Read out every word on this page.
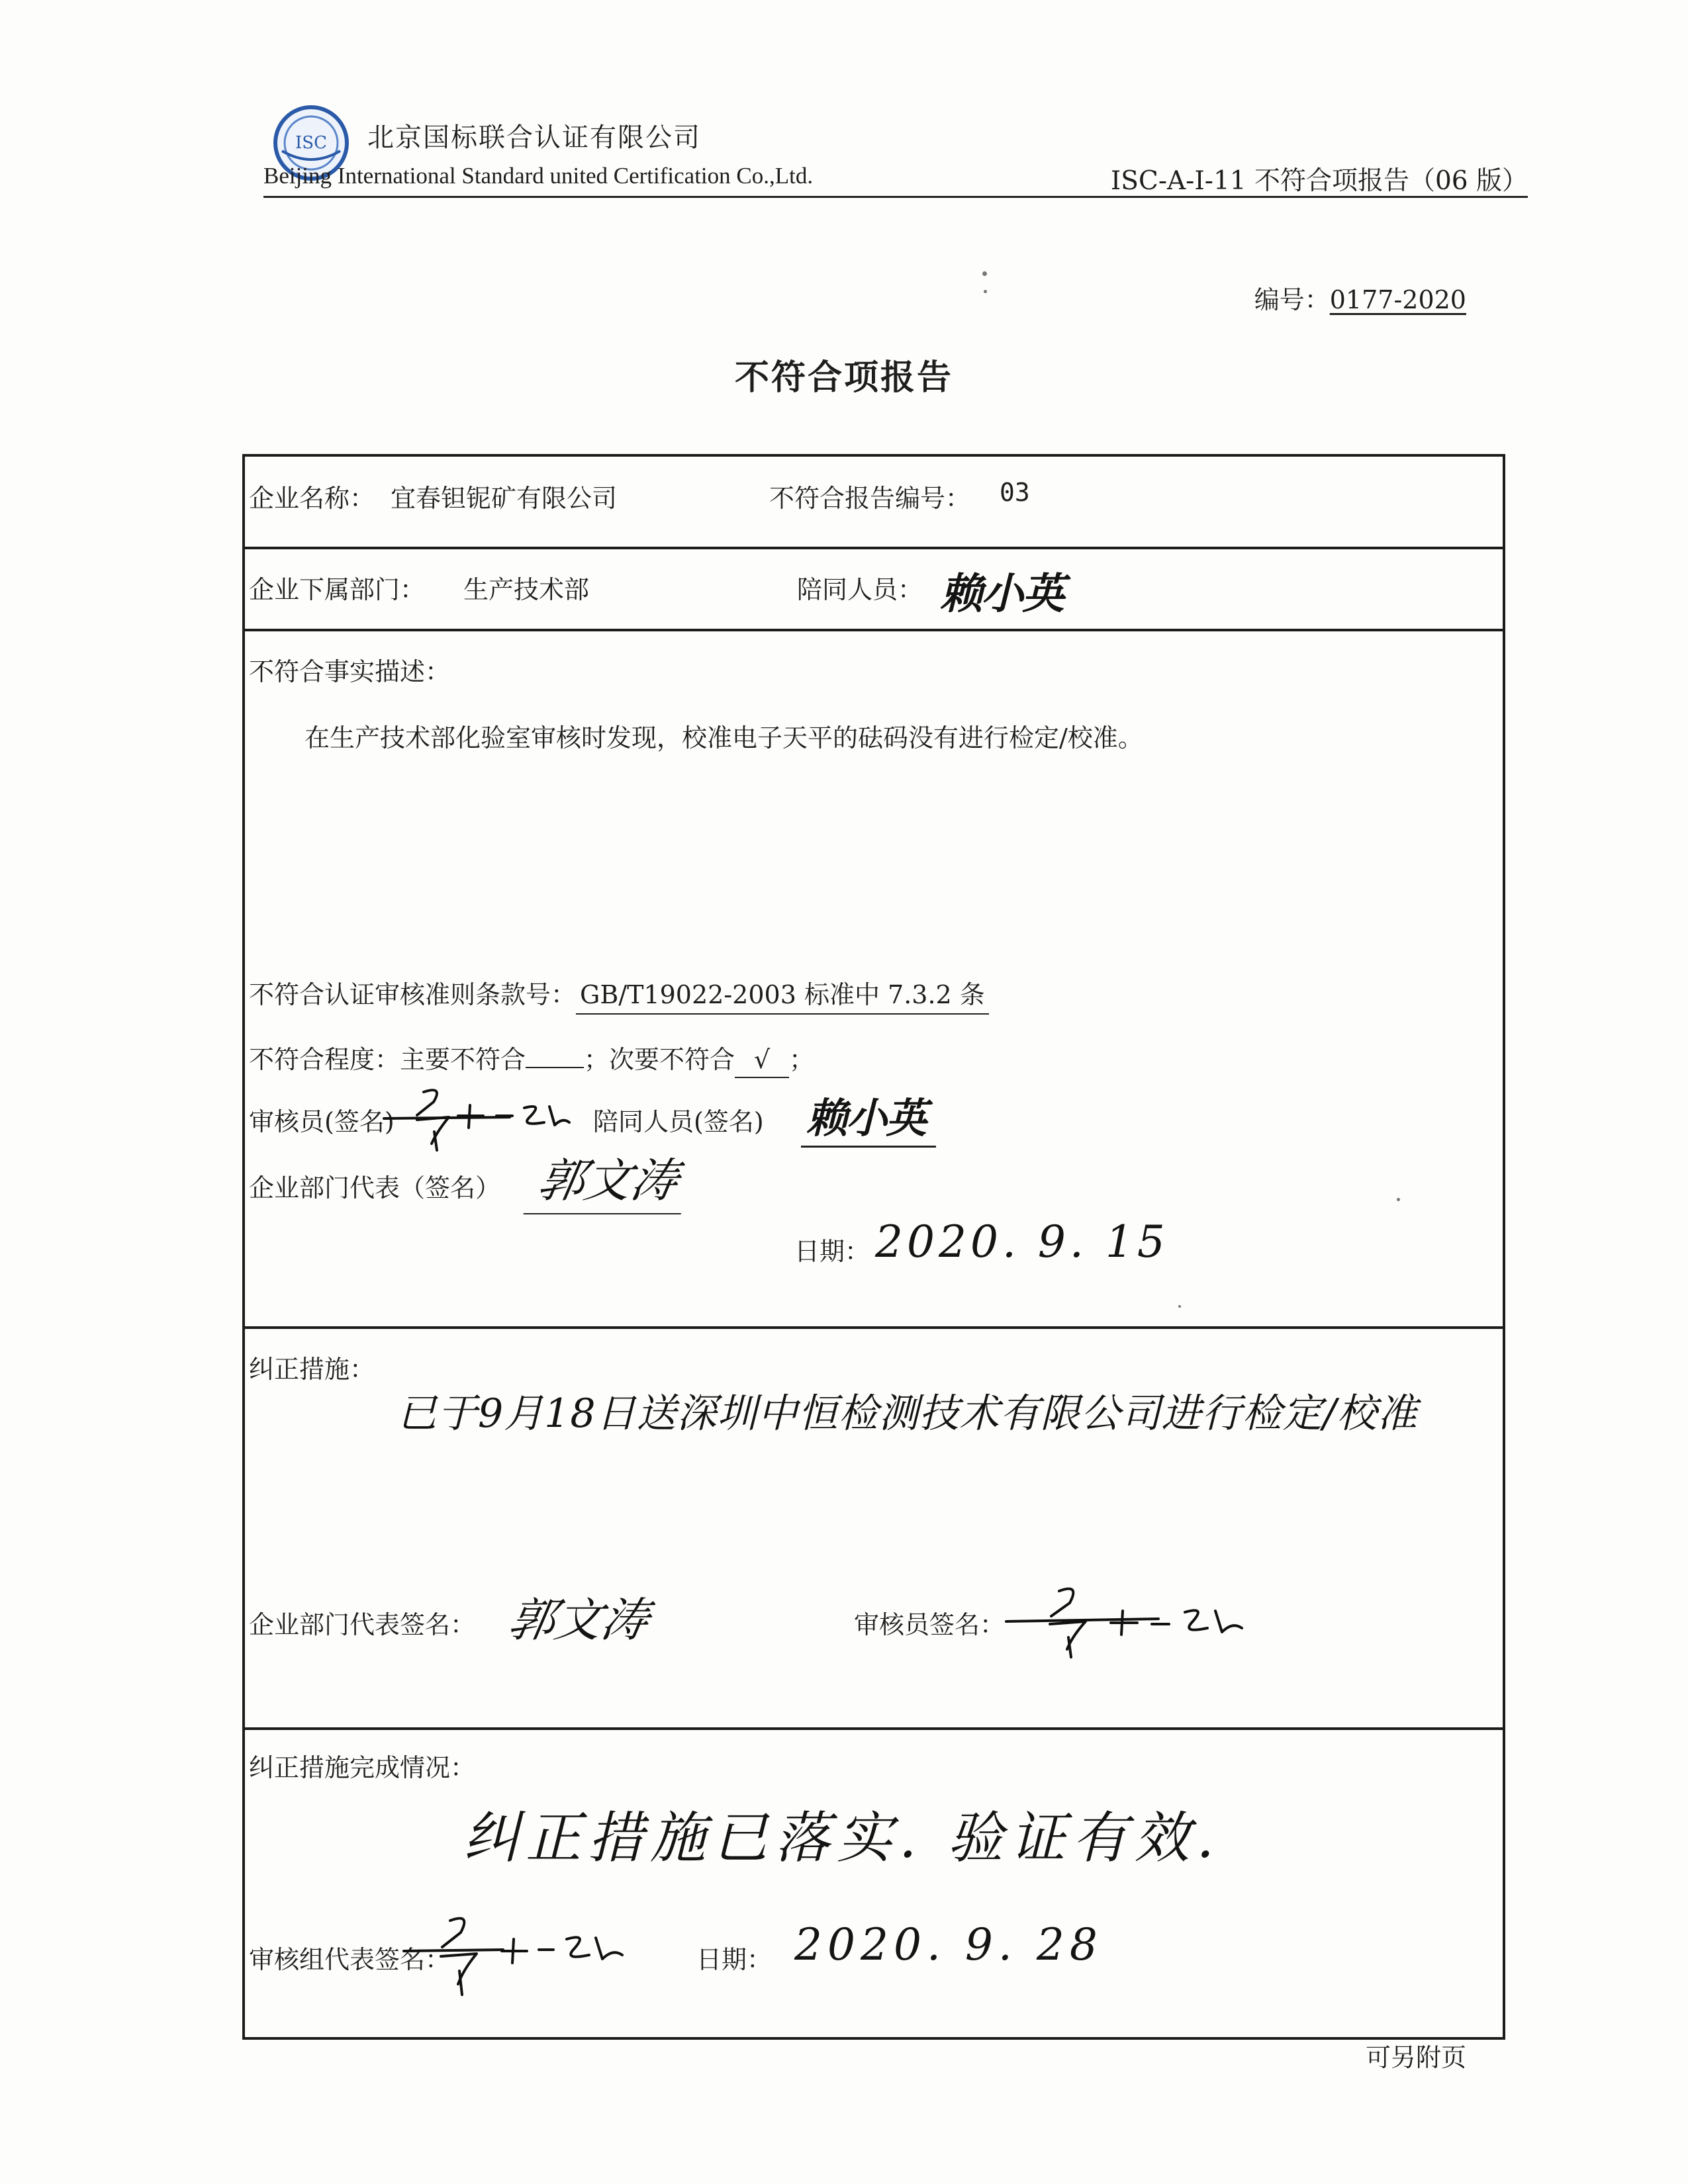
ISC 北京国标联合认证有限公司
Beijing International Standard united Certification Co.,Ltd.	ISC-A-I-11 不符合项报告（06 版）
编号：0177-2020
不符合项报告
企业名称： 宜春钽铌矿有限公司	不符合报告编号： 03
企业下属部门： 生产技术部	陪同人员： 赖小英
不符合事实描述：
在生产技术部化验室审核时发现，校准电子天平的砝码没有进行检定/校准。
不符合认证审核准则条款号： GB/T19022-2003 标准中 7.3.2 条
不符合程度：主要不符合 ；次要不符合 √ ；
审核员(签名)	陪同人员(签名) 赖小英
企业部门代表（签名） 郭文涛
日期： 2020. 9. 15
纠正措施：
已于9月18日送深圳中恒检测技术有限公司进行检定/校准
企业部门代表签名： 郭文涛	审核员签名：
纠正措施完成情况：
纠正措施已落实. 验证有效.
审核组代表签名：	日期： 2020. 9. 28
可另附页
